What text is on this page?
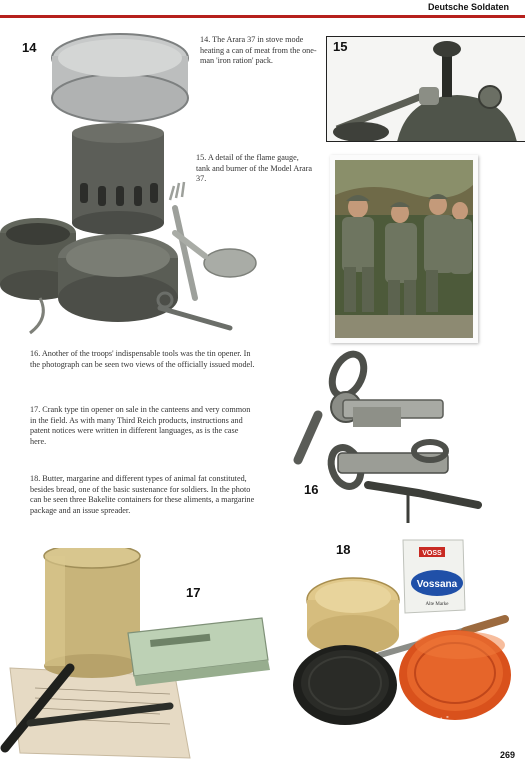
Deutsche Soldaten
14
14. The Arara 37 in stove mode heating a can of meat from the one-man 'iron ration' pack.
15
15. A detail of the flame gauge, tank and burner of the Model Arara 37.
16. Another of the troops' indispensable tools was the tin opener. In the photograph can be seen two views of the officially issued model.
17. Crank type tin opener on sale in the canteens and very common in the field. As with many Third Reich products, instructions and patent notices were written in different languages, as is the case here.
18. Butter, margarine and different types of animal fat constituted, besides bread, one of the basic sustenance for soldiers. In the photo can be seen three Bakelite containers for these aliments, a margarine package and an issue spreader.
16
17
Vossana
VOSS
Alte Marke
18
Auction.ru
торговая площадка
Cane Bull	269
